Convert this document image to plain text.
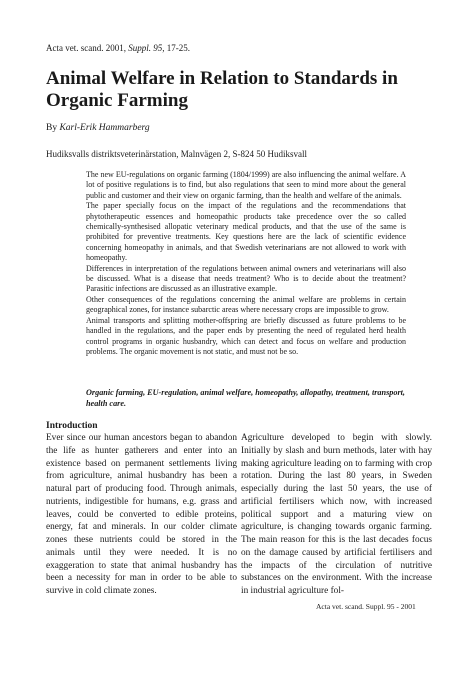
Acta vet. scand. 2001, Suppl. 95, 17-25.
Animal Welfare in Relation to Standards in Organic Farming
By Karl-Erik Hammarberg
Hudiksvalls distriktsveterinärstation, Malnvägen 2, S-824 50 Hudiksvall

The new EU-regulations on organic farming (1804/1999) are also influencing the animal welfare. A lot of positive regulations is to find, but also regulations that seen to mind more about the general public and customer and their view on organic farming, than the health and welfare of the animals.

The paper specially focus on the impact of the regulations and the recommendations that phytotherapeutic essences and homeopathic products take precedence over the so called chemically-synthesised allopatic veterinary medical products, and that the use of the same is prohibited for preventive treatments. Key questions here are the lack of scientific evidence concerning homeopathy in animals, and that Swedish veterinarians are not allowed to work with homeopathy.

Differences in interpretation of the regulations between animal owners and veterinarians will also be discussed. What is a disease that needs treatment? Who is to decide about the treatment? Parasitic infections are discussed as an illustrative example.

Other consequences of the regulations concerning the animal welfare are problems in certain geographical zones, for instance subarctic areas where necessary crops are impossible to grow.

Animal transports and splitting mother-offspring are briefly discussed as future problems to be handled in the regulations, and the paper ends by presenting the need of regulated herd health control programs in organic husbandry, which can detect and focus on welfare and production problems. The organic movement is not static, and must not be so.

Organic farming, EU-regulation, animal welfare, homeopathy, allopathy, treatment, transport, health care.
Introduction

Ever since our human ancestors began to abandon the life as hunter gatherers and enter into an existence based on permanent settlements living from agriculture, animal husbandry has been a natural part of producing food. Through animals, nutrients, indigestible for humans, e.g. grass and leaves, could be converted to edible proteins, energy, fat and minerals. In our colder climate zones these nutrients could be stored in the animals until they were needed. It is no exaggeration to state that animal husbandry has been a necessity for man in order to be able to survive in cold climate zones.

Agriculture developed to begin with slowly. Initially by slash and burn methods, later with hay making agriculture leading on to farming with crop rotation. During the last 80 years, in Sweden especially during the last 50 years, the use of artificial fertilisers which now, with increased political support and a maturing view on agriculture, is changing towards organic farming. The main reason for this is the last decades focus on the damage caused by artificial fertilisers and the impacts of the circulation of nutritive substances on the environment. With the increase in industrial agriculture fol-

Acta vet. scand. Suppl. 95 - 2001
